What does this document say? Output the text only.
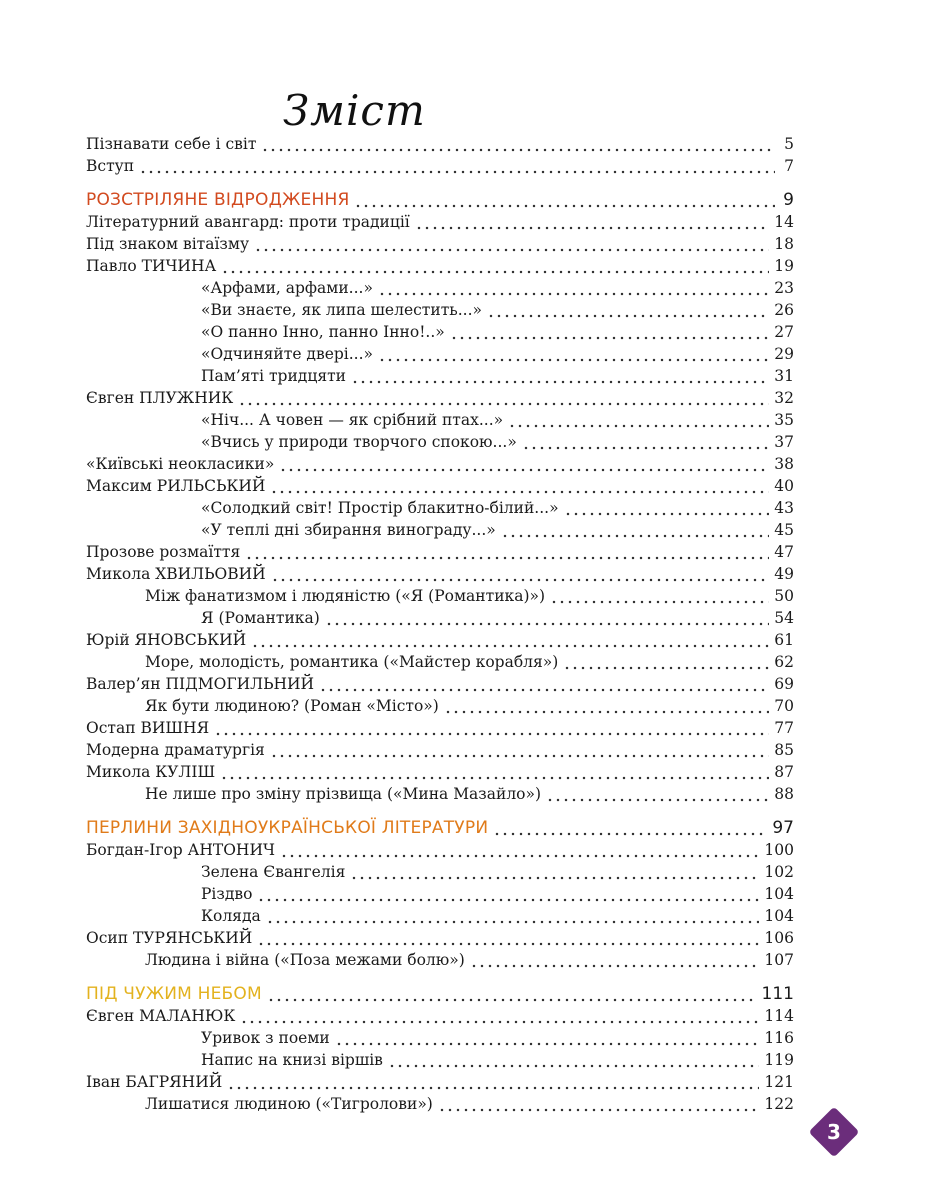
Зміст
Пізнавати себе і світ	5
Вступ	7
РОЗСТРІЛЯНЕ ВІДРОДЖЕННЯ	9
Літературний авангард: проти традиції	14
Під знаком вітаїзму	18
Павло ТИЧИНА	19
«Арфами, арфами...»	23
«Ви знаєте, як липа шелестить...»	26
«О панно Інно, панно Інно!..»	27
«Одчиняйте двері...»	29
Пам’яті тридцяти	31
Євген ПЛУЖНИК	32
«Ніч... А човен — як срібний птах...»	35
«Вчись у природи творчого спокою...»	37
«Київські неокласики»	38
Максим РИЛЬСЬКИЙ	40
«Солодкий світ! Простір блакитно-білий...»	43
«У теплі дні збирання винограду...»	45
Прозове розмаїття	47
Микола ХВИЛЬОВИЙ	49
Між фанатизмом і людяністю («Я (Романтика)»)	50
Я (Романтика)	54
Юрій ЯНОВСЬКИЙ	61
Море, молодість, романтика («Майстер корабля»)	62
Валер’ян ПІДМОГИЛЬНИЙ	69
Як бути людиною? (Роман «Місто»)	70
Остап ВИШНЯ	77
Модерна драматургія	85
Микола КУЛІШ	87
Не лише про зміну прізвища («Мина Мазайло»)	88
ПЕРЛИНИ ЗАХІДНОУКРАЇНСЬКОЇ ЛІТЕРАТУРИ	97
Богдан-Ігор АНТОНИЧ	100
Зелена Євангелія	102
Різдво	104
Коляда	104
Осип ТУРЯНСЬКИЙ	106
Людина і війна («Поза межами болю»)	107
ПІД ЧУЖИМ НЕБОМ	111
Євген МАЛАНЮК	114
Уривок з поеми	116
Напис на книзі віршів	119
Іван БАГРЯНИЙ	121
Лишатися людиною («Тигролови»)	122
3
